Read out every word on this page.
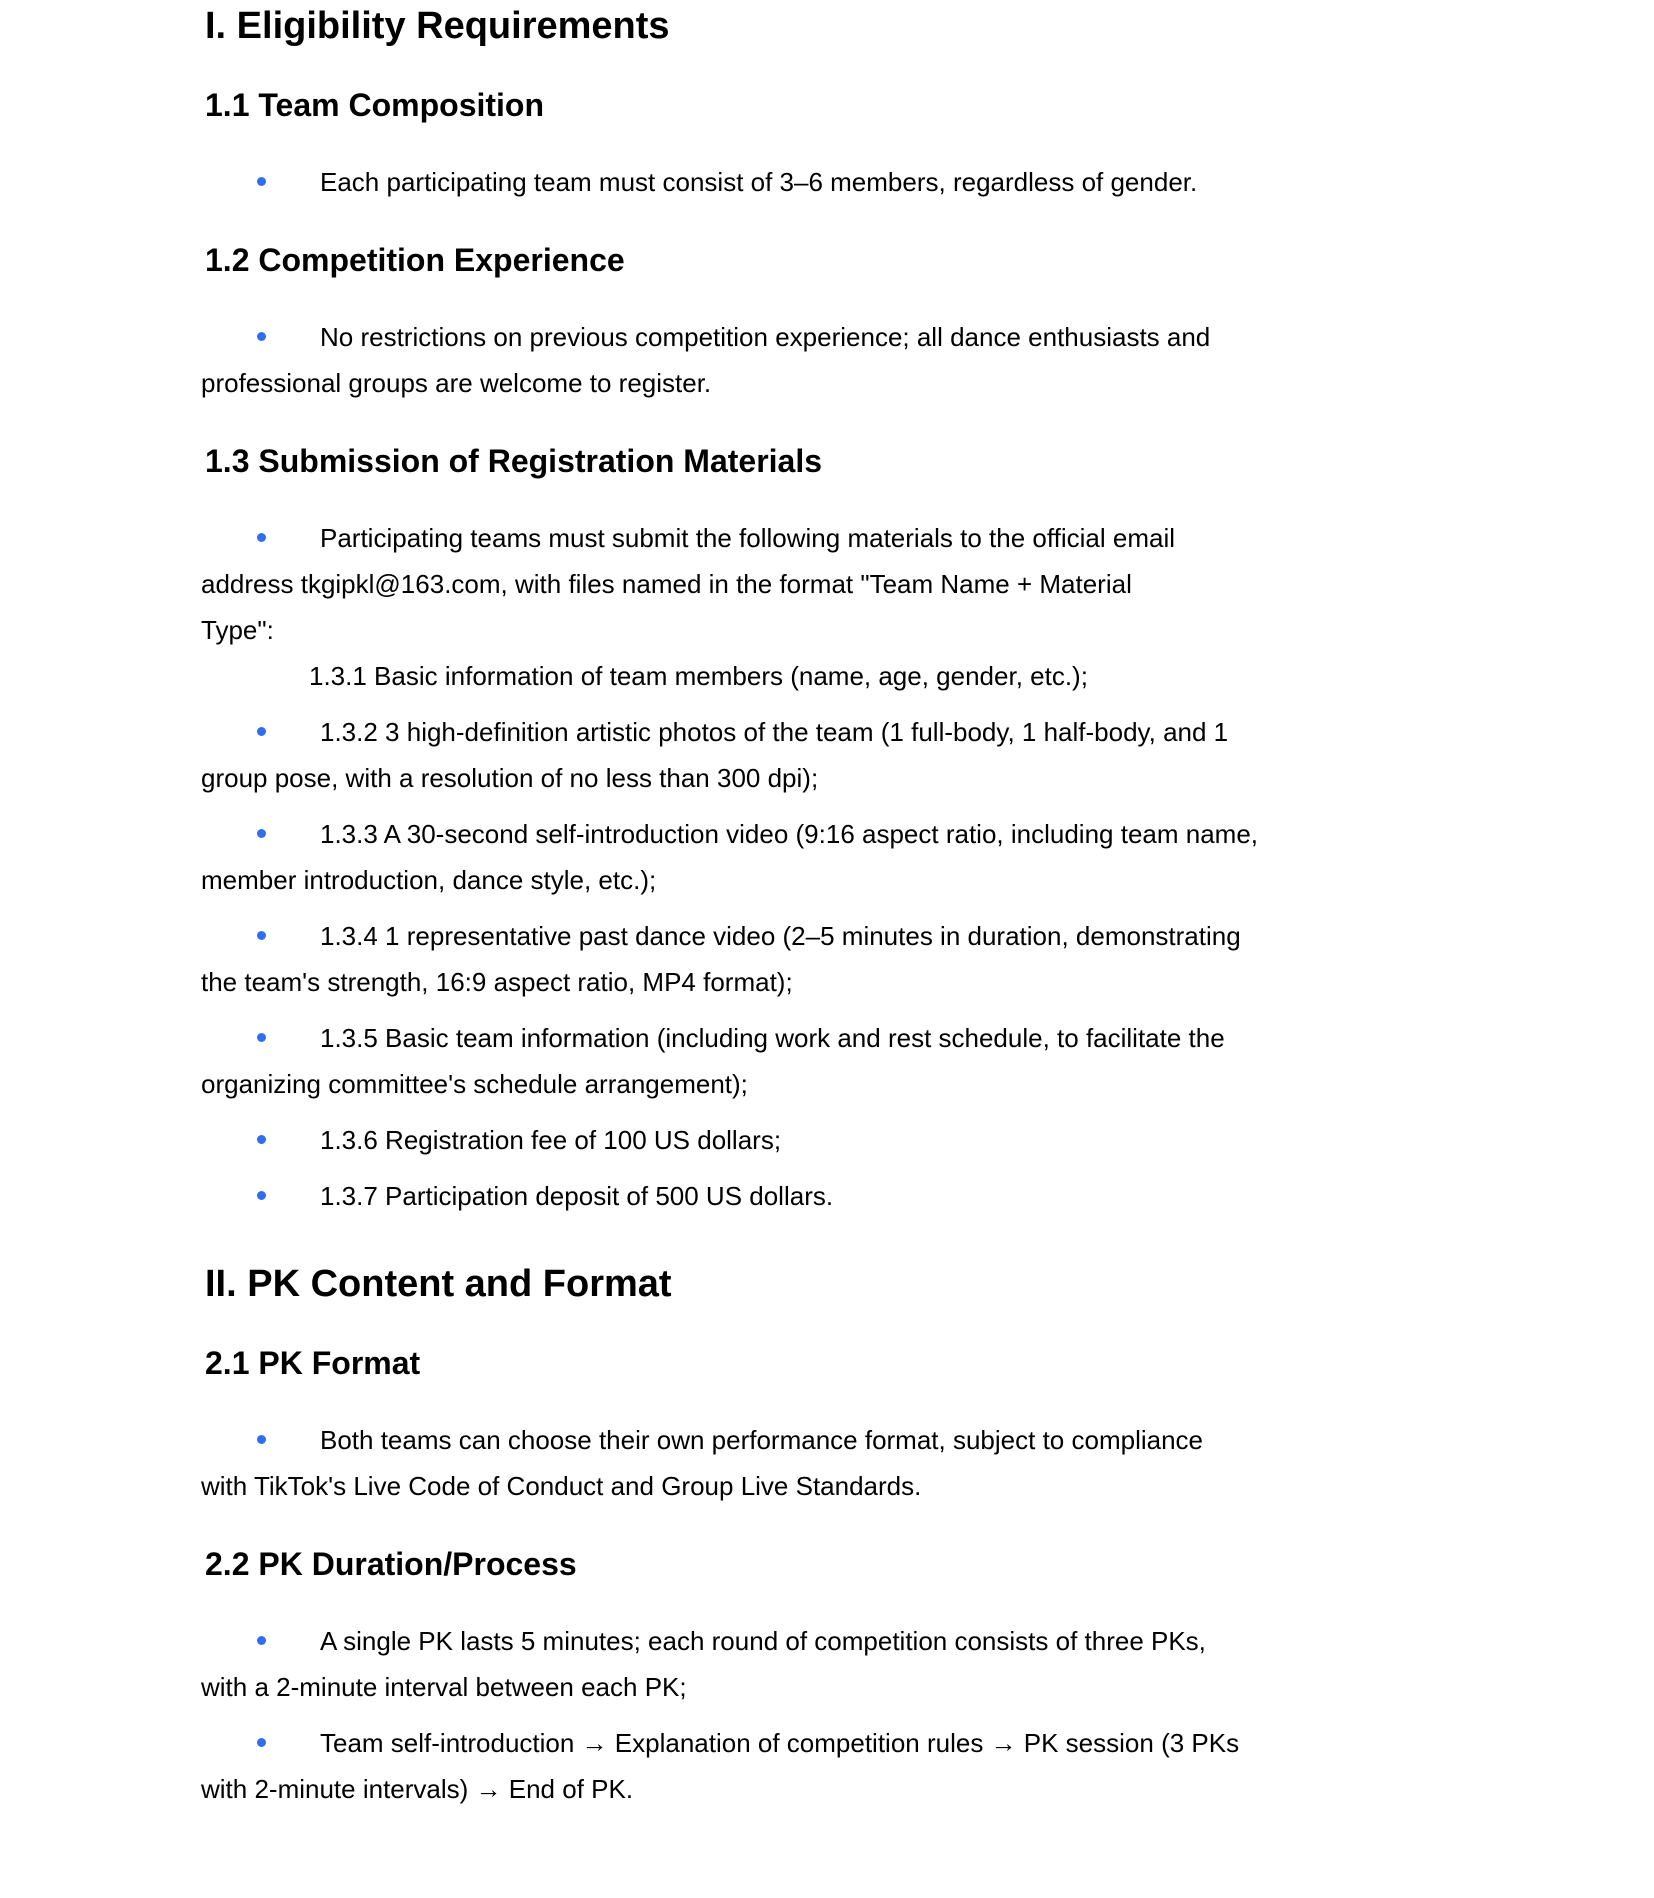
I. Eligibility Requirements
1.1 Team Composition

Each participating team must consist of 3–6 members, regardless of gender.

1.2 Competition Experience

No restrictions on previous competition experience; all dance enthusiasts and
professional groups are welcome to register.

1.3 Submission of Registration Materials

Participating teams must submit the following materials to the official email
address tkgipkl@163.com, with files named in the format "Team Name + Material
Type":
1.3.1 Basic information of team members (name, age, gender, etc.);

1.3.2 3 high-definition artistic photos of the team (1 full-body, 1 half-body, and 1
group pose, with a resolution of no less than 300 dpi);

1.3.3 A 30-second self-introduction video (9:16 aspect ratio, including team name,
member introduction, dance style, etc.);

1.3.4 1 representative past dance video (2–5 minutes in duration, demonstrating
the team's strength, 16:9 aspect ratio, MP4 format);

1.3.5 Basic team information (including work and rest schedule, to facilitate the
organizing committee's schedule arrangement);

1.3.6 Registration fee of 100 US dollars;

1.3.7 Participation deposit of 500 US dollars.

II. PK Content and Format
2.1 PK Format

Both teams can choose their own performance format, subject to compliance
with TikTok's Live Code of Conduct and Group Live Standards.

2.2 PK Duration/Process

A single PK lasts 5 minutes; each round of competition consists of three PKs,
with a 2-minute interval between each PK;

Team self-introduction → Explanation of competition rules → PK session (3 PKs
with 2-minute intervals) → End of PK.
